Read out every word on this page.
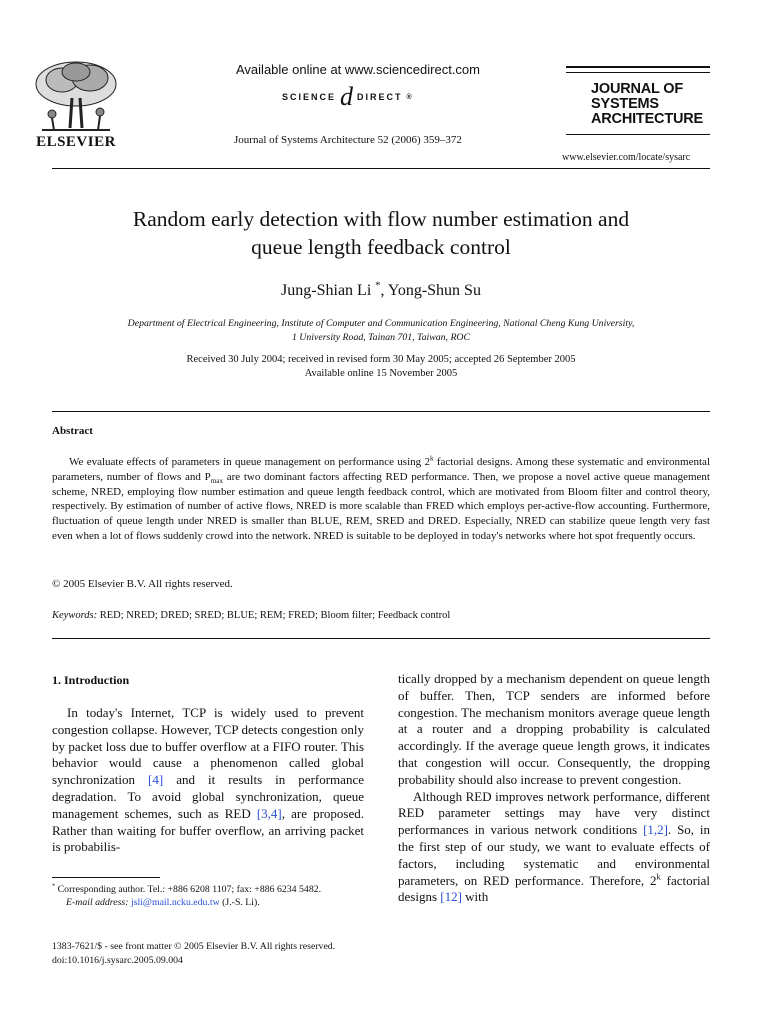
ELSEVIER
Available online at www.sciencedirect.com
SCIENCE d DIRECT ®
Journal of Systems Architecture 52 (2006) 359–372
JOURNAL OF
SYSTEMS
ARCHITECTURE
www.elsevier.com/locate/sysarc
Random early detection with flow number estimation and
queue length feedback control
Jung-Shian Li *, Yong-Shun Su
Department of Electrical Engineering, Institute of Computer and Communication Engineering, National Cheng Kung University,
1 University Road, Tainan 701, Taiwan, ROC
Received 30 July 2004; received in revised form 30 May 2005; accepted 26 September 2005
Available online 15 November 2005
Abstract
We evaluate effects of parameters in queue management on performance using 2$^k$ factorial designs. Among these systematic and environmental parameters, number of flows and $P_{max}$ are two dominant factors affecting RED performance. Then, we propose a novel active queue management scheme, NRED, employing flow number estimation and queue length feedback control, which are motivated from Bloom filter and control theory, respectively. By estimation of number of active flows, NRED is more scalable than FRED which employs per-active-flow accounting. Furthermore, fluctuation of queue length under NRED is smaller than BLUE, REM, SRED and DRED. Especially, NRED can stabilize queue length very fast even when a lot of flows suddenly crowd into the network. NRED is suitable to be deployed in today's networks where hot spot frequently occurs.
© 2005 Elsevier B.V. All rights reserved.
Keywords: RED; NRED; DRED; SRED; BLUE; REM; FRED; Bloom filter; Feedback control
1. Introduction
In today's Internet, TCP is widely used to prevent congestion collapse. However, TCP detects congestion only by packet loss due to buffer overflow at a FIFO router. This behavior would cause a phenomenon called global synchronization [4] and it results in performance degradation. To avoid global synchronization, queue management schemes, such as RED [3,4], are proposed. Rather than waiting for buffer overflow, an arriving packet is probabilis-

tically dropped by a mechanism dependent on queue length of buffer. Then, TCP senders are informed before congestion. The mechanism monitors average queue length at a router and a dropping probability is calculated accordingly. If the average queue length grows, it indicates that congestion will occur. Consequently, the dropping probability should also increase to prevent congestion.

Although RED improves network performance, different RED parameter settings may have very distinct performances in various network conditions [1,2]. So, in the first step of our study, we want to evaluate effects of factors, including systematic and environmental parameters, on RED performance. Therefore, 2$^k$ factorial designs [12] with

* Corresponding author. Tel.: +886 6208 1107; fax: +886 6234 5482.
E-mail address: jsli@mail.ncku.edu.tw (J.-S. Li).
1383-7621/$ - see front matter © 2005 Elsevier B.V. All rights reserved.
doi:10.1016/j.sysarc.2005.09.004
